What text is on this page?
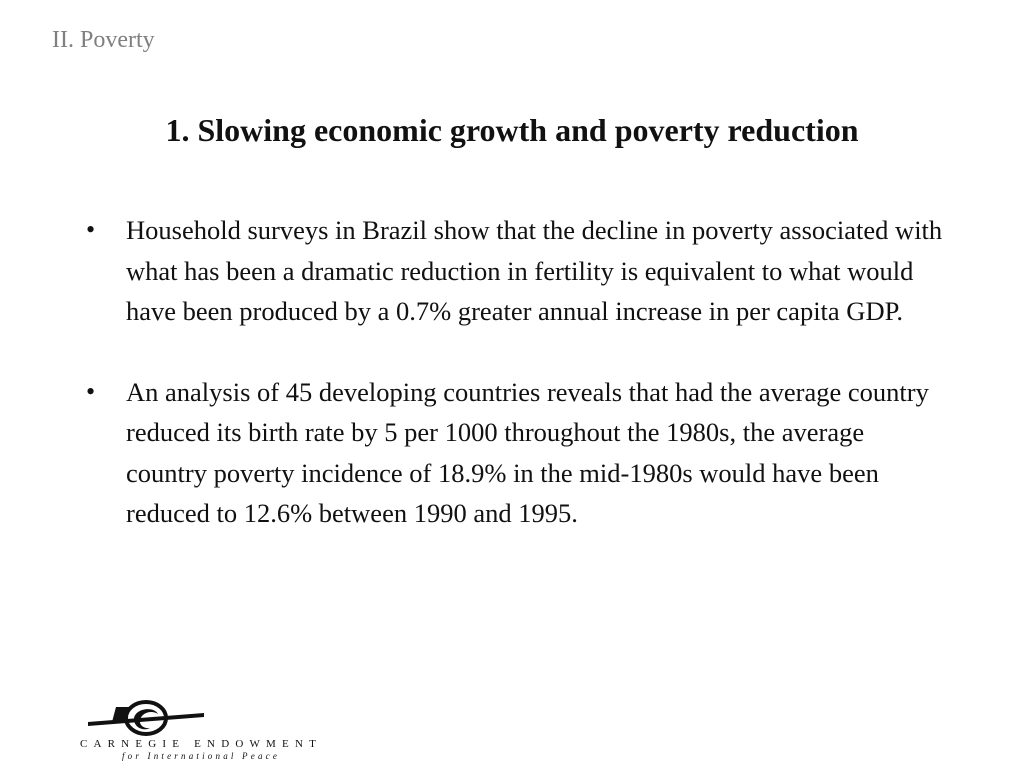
II. Poverty
1. Slowing economic growth and poverty reduction
•	Household surveys in Brazil show that the decline in poverty associated with what has been a dramatic reduction in fertility is equivalent to what would have been produced by a 0.7% greater annual increase in per capita GDP.
•	An analysis of 45 developing countries reveals that had the average country reduced its birth rate by 5 per 1000 throughout the 1980s, the average country poverty incidence of 18.9% in the mid-1980s would have been reduced to 12.6% between 1990 and 1995.
CARNEGIE ENDOWMENT
for International Peace
